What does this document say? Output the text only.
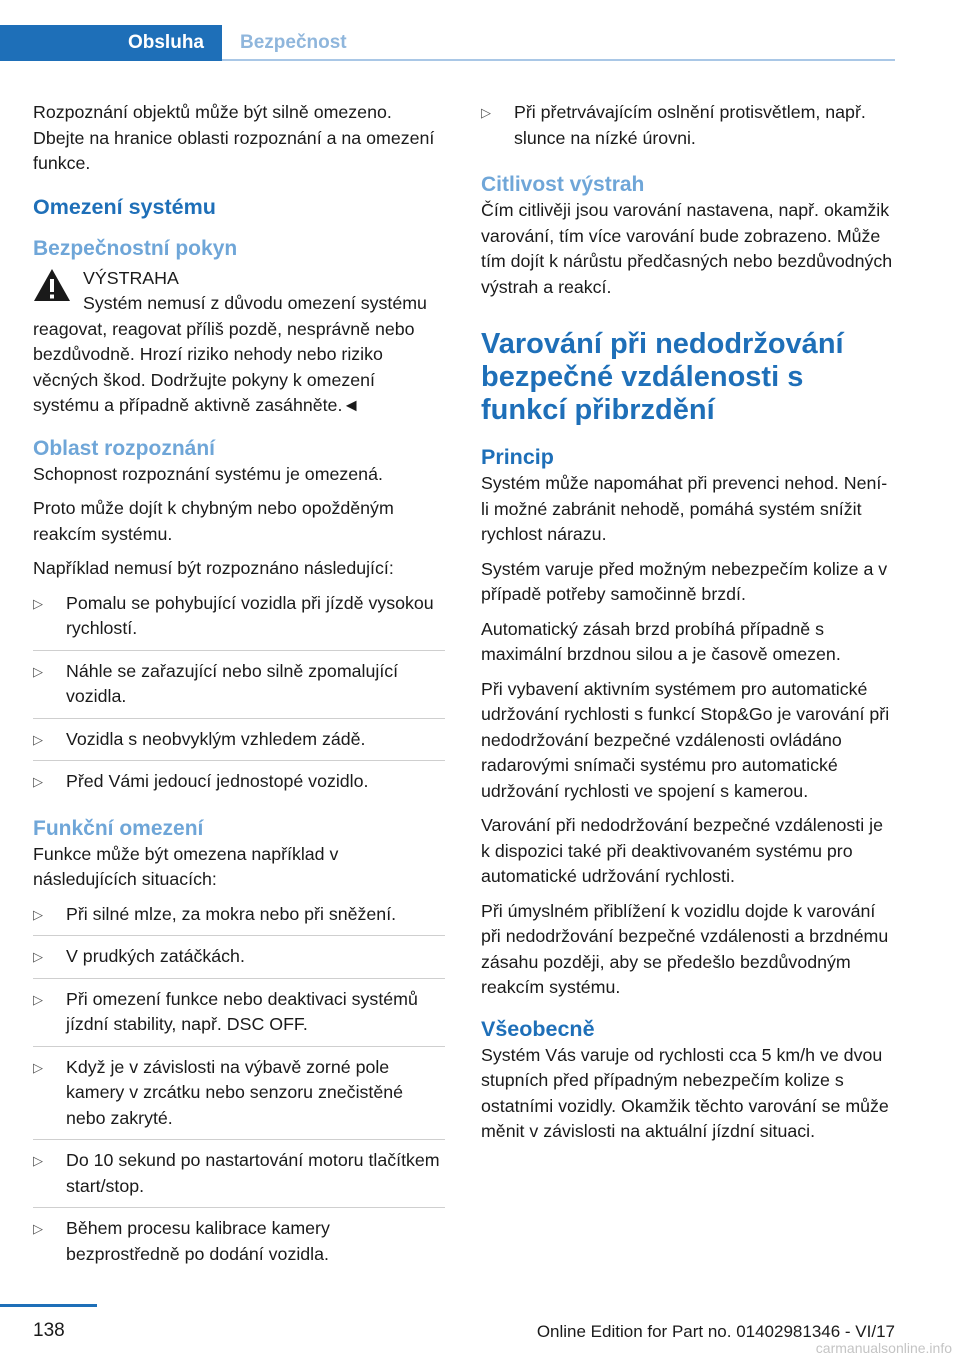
Obsluha Bezpečnost

Rozpoznání objektů může být silně omezeno. Dbejte na hranice oblasti rozpoznání a na omezení funkce.

Omezení systému
Bezpečnostní pokyn

VÝSTRAHA

Systém nemusí z důvodu omezení systému reagovat, reagovat příliš pozdě, nesprávně nebo bezdůvodně. Hrozí riziko nehody nebo riziko věcných škod. Dodržujte pokyny k omezení systému a případně aktivně zasáhněte.◄

Oblast rozpoznání

Schopnost rozpoznání systému je omezená.

Proto může dojít k chybným nebo opožděným reakcím systému.

Například nemusí být rozpoznáno následující:

▷ Pomalu se pohybující vozidla při jízdě vysokou rychlostí.
▷ Náhle se zařazující nebo silně zpomalující vozidla.
▷ Vozidla s neobvyklým vzhledem zádě.
▷ Před Vámi jedoucí jednostopé vozidlo.
Funkční omezení

Funkce může být omezena například v následujících situacích:

▷ Při silné mlze, za mokra nebo při sněžení.
▷ V prudkých zatáčkách.
▷ Při omezení funkce nebo deaktivaci systémů jízdní stability, např. DSC OFF.
▷ Když je v závislosti na výbavě zorné pole kamery v zrcátku nebo senzoru znečistěné nebo zakryté.
▷ Do 10 sekund po nastartování motoru tlačítkem start/stop.
▷ Během procesu kalibrace kamery bezprostředně po dodání vozidla.
▷ Při přetrvávajícím oslnění protisvětlem, např. slunce na nízké úrovni.
Citlivost výstrah

Čím citlivěji jsou varování nastavena, např. okamžik varování, tím více varování bude zobrazeno. Může tím dojít k nárůstu předčasných nebo bezdůvodných výstrah a reakcí.

Varování při nedodržování bezpečné vzdálenosti s funkcí přibrzdění
Princip

Systém může napomáhat při prevenci nehod. Není-li možné zabránit nehodě, pomáhá systém snížit rychlost nárazu.

Systém varuje před možným nebezpečím kolize a v případě potřeby samočinně brzdí.

Automatický zásah brzd probíhá případně s maximální brzdnou silou a je časově omezen.

Při vybavení aktivním systémem pro automatické udržování rychlosti s funkcí Stop&Go je varování při nedodržování bezpečné vzdálenosti ovládáno radarovými snímači systému pro automatické udržování rychlosti ve spojení s kamerou.

Varování při nedodržování bezpečné vzdálenosti je k dispozici také při deaktivovaném systému pro automatické udržování rychlosti.

Při úmyslném přiblížení k vozidlu dojde k varování při nedodržování bezpečné vzdálenosti a brzdnému zásahu později, aby se předešlo bezdůvodným reakcím systému.

Všeobecně

Systém Vás varuje od rychlosti cca 5 km/h ve dvou stupních před případným nebezpečím kolize s ostatními vozidly. Okamžik těchto varování se může měnit v závislosti na aktuální jízdní situaci.

138	Online Edition for Part no. 01402981346 - VI/17
carmanualsonline.info
